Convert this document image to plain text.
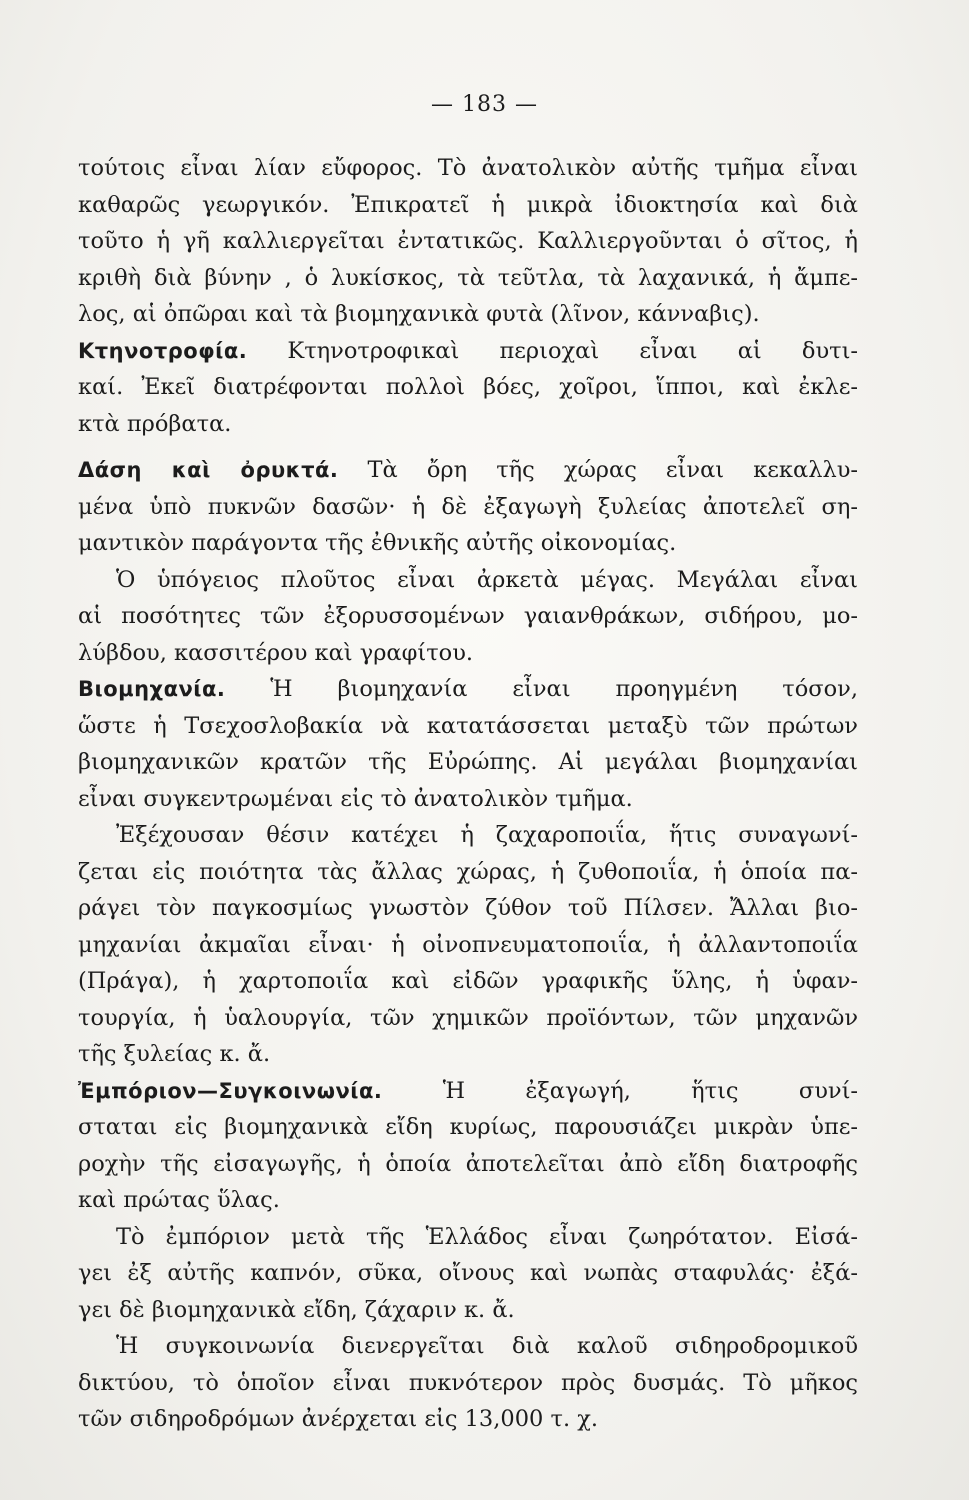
— 183 —
τούτοις εἶναι λίαν εὔφορος. Τὸ ἀνατολικὸν αὐτῆς τμῆμα εἶναι
καθαρῶς γεωργικόν. Ἐπικρατεῖ ἡ μικρὰ ἰδιοκτησία καὶ διὰ
τοῦτο ἡ γῆ καλλιεργεῖται ἐντατικῶς. Καλλιεργοῦνται ὁ σῖτος, ἡ
κριθὴ διὰ βύνην , ὁ λυκίσκος, τὰ τεῦτλα, τὰ λαχανικά, ἡ ἄμπε-
λος, αἱ ὀπῶραι καὶ τὰ βιομηχανικὰ φυτὰ (λῖνον, κάνναβις).
Κτηνοτροφία. Κτηνοτροφικαὶ περιοχαὶ εἶναι αἱ δυτι-
καί. Ἐκεῖ διατρέφονται πολλοὶ βόες, χοῖροι, ἵπποι, καὶ ἐκλε-
κτὰ πρόβατα.
Δάση καὶ ὀρυκτά. Τὰ ὄρη τῆς χώρας εἶναι κεκαλλυ-
μένα ὑπὸ πυκνῶν δασῶν· ἡ δὲ ἐξαγωγὴ ξυλείας ἀποτελεῖ ση-
μαντικὸν παράγοντα τῆς ἐθνικῆς αὐτῆς οἰκονομίας.
Ὁ ὑπόγειος πλοῦτος εἶναι ἀρκετὰ μέγας. Μεγάλαι εἶναι
αἱ ποσότητες τῶν ἐξορυσσομένων γαιανθράκων, σιδήρου, μο-
λύβδου, κασσιτέρου καὶ γραφίτου.
Βιομηχανία. Ἡ βιομηχανία εἶναι προηγμένη τόσον,
ὥστε ἡ Τσεχοσλοβακία νὰ κατατάσσεται μεταξὺ τῶν πρώτων
βιομηχανικῶν κρατῶν τῆς Εὐρώπης. Αἱ μεγάλαι βιομηχανίαι
εἶναι συγκεντρωμέναι εἰς τὸ ἀνατολικὸν τμῆμα.
Ἐξέχουσαν θέσιν κατέχει ἡ ζαχαροποιΐα, ἥτις συναγωνί-
ζεται εἰς ποιότητα τὰς ἄλλας χώρας, ἡ ζυθοποιΐα, ἡ ὁποία πα-
ράγει τὸν παγκοσμίως γνωστὸν ζύθον τοῦ Πίλσεν. Ἄλλαι βιο-
μηχανίαι ἀκμαῖαι εἶναι· ἡ οἰνοπνευματοποιΐα, ἡ ἀλλαντοποιΐα
(Πράγα), ἡ χαρτοποιΐα καὶ εἰδῶν γραφικῆς ὕλης, ἡ ὑφαν-
τουργία, ἡ ὑαλουργία, τῶν χημικῶν προϊόντων, τῶν μηχανῶν
τῆς ξυλείας κ. ἄ.
Ἐμπόριον—Συγκοινωνία. Ἡ ἐξαγωγή, ἥτις συνί-
σταται εἰς βιομηχανικὰ εἴδη κυρίως, παρουσιάζει μικρὰν ὑπε-
ροχὴν τῆς εἰσαγωγῆς, ἡ ὁποία ἀποτελεῖται ἀπὸ εἴδη διατροφῆς
καὶ πρώτας ὕλας.
Τὸ ἐμπόριον μετὰ τῆς Ἑλλάδος εἶναι ζωηρότατον. Εἰσά-
γει ἐξ αὐτῆς καπνόν, σῦκα, οἴνους καὶ νωπὰς σταφυλάς· ἐξά-
γει δὲ βιομηχανικὰ εἴδη, ζάχαριν κ. ἄ.
Ἡ συγκοινωνία διενεργεῖται διὰ καλοῦ σιδηροδρομικοῦ
δικτύου, τὸ ὁποῖον εἶναι πυκνότερον πρὸς δυσμάς. Τὸ μῆκος
τῶν σιδηροδρόμων ἀνέρχεται εἰς 13,000 τ. χ.
